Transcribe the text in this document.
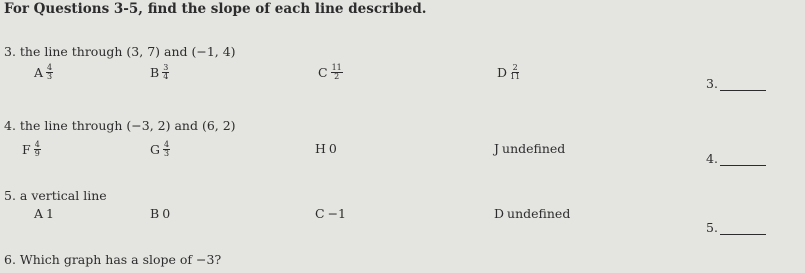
For Questions 3-5, find the slope of each line described.
3. the line through (3, 7) and (−1, 4)
A $\frac{4}{3}$	B $\frac{3}{4}$	C $\frac{11}{2}$	D $\frac{2}{11}$
3.
4. the line through (−3, 2) and (6, 2)
F $\frac{4}{9}$	G $\frac{4}{3}$	H 0	J undefined
4.
5. a vertical line
A 1	B 0	C −1	D undefined
5.
6. Which graph has a slope of −3?
